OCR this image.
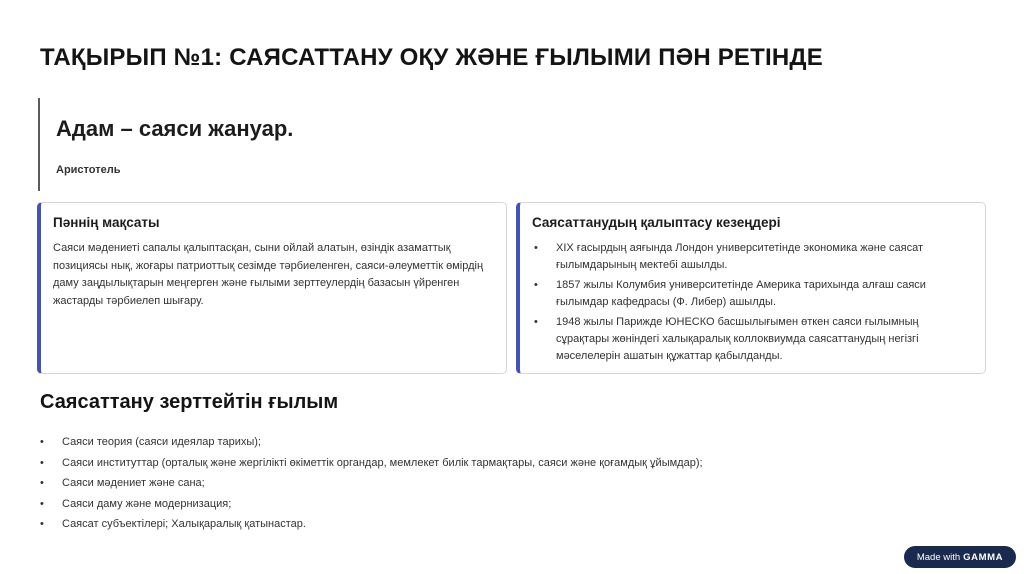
ТАҚЫРЫП №1: САЯСАТТАНУ ОҚУ ЖӘНЕ ҒЫЛЫМИ ПӘН РЕТІНДЕ

Адам – саяси жануар.

Аристотель

Пәннің мақсаты

Саяси мәдениеті сапалы қалыптасқан, сыни ойлай алатын, өзіндік азаматтық позициясы нық, жоғары патриоттық сезімде тәрбиеленген, саяси-әлеуметтік өмірдің даму заңдылықтарын меңгерген және ғылыми зерттеулердің базасын үйренген жастарды тәрбиелеп шығару.

Саясаттанудың қалыптасу кезеңдері
• XIX ғасырдың аяғында Лондон университетінде экономика және саясат ғылымдарының мектебі ашылды.
• 1857 жылы Колумбия университетінде Америка тарихында алғаш саяси ғылымдар кафедрасы (Ф. Либер) ашылды.
• 1948 жылы Парижде ЮНЕСКО басшылығымен өткен саяси ғылымның сұрақтары жөніндегі халықаралық коллоквиумда саясаттанудың негізгі мәселелерін ашатын құжаттар қабылданды.
Саясаттану зерттейтін ғылым
• Саяси теория (саяси идеялар тарихы);
• Саяси институттар (орталық және жергілікті өкіметтік органдар, мемлекет билік тармақтары, саяси және қоғамдық ұйымдар);
• Саяси мәдениет және сана;
• Саяси даму және модернизация;
• Саясат субъектілері; Халықаралық қатынастар.
Made with GAMMA
